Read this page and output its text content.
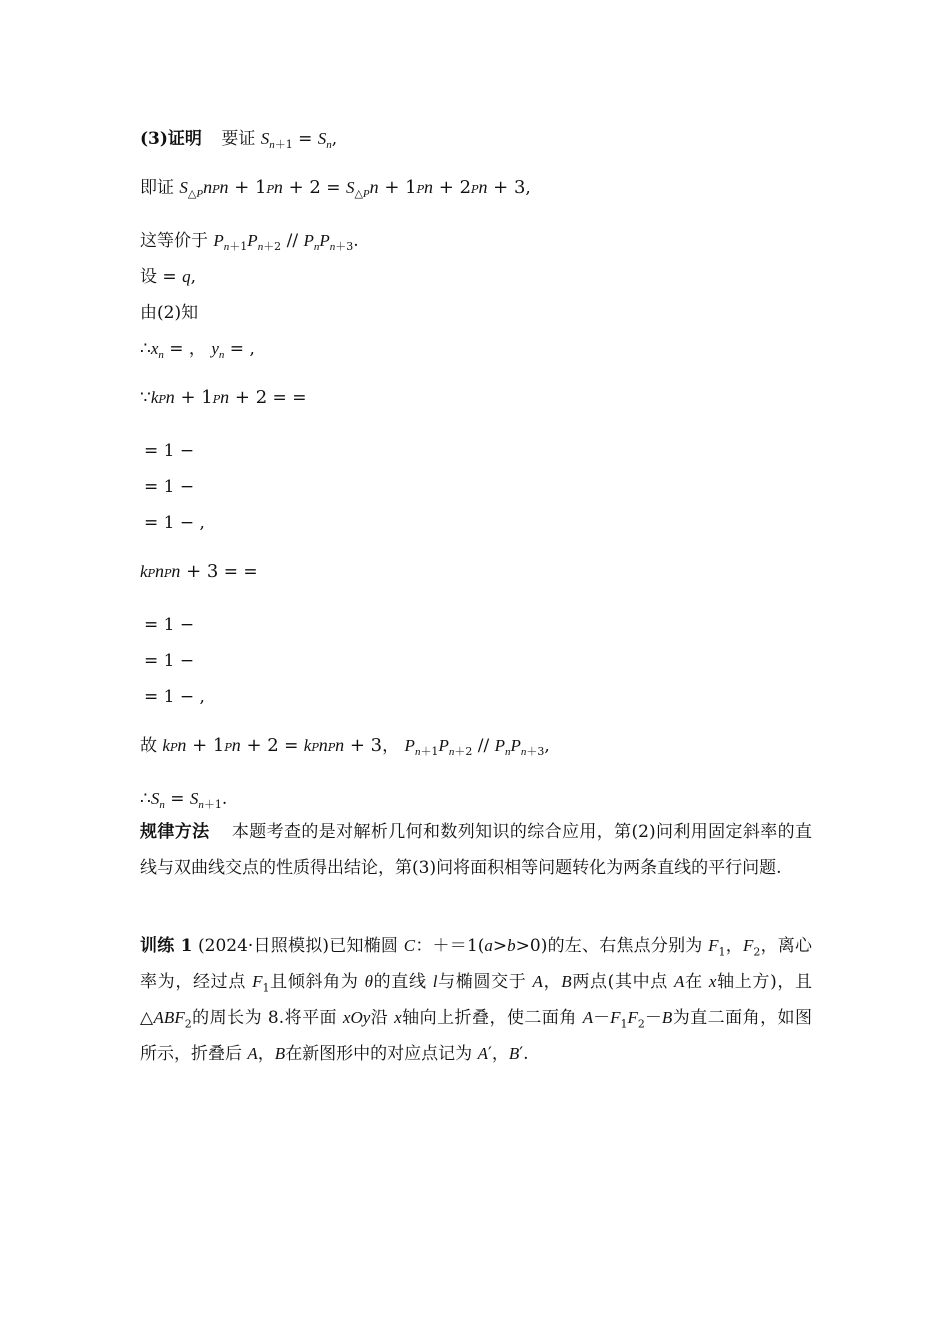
(3)证明 要证 $S_{n+1} = S_n$,
即证 $S_{\triangle P}nPn + 1Pn + 2 = S_{\triangle P}n + 1Pn + 2Pn + 3$,
这等价于 $P_{n+1}P_{n+2} // P_nP_{n+3}$.
设 = q,
由(2)知
$\therefore x_n$ = ， $y_n$ = ,
∵kPn + 1Pn + 2 = =
= 1 −
= 1 −
= 1 − ,
kPnPn + 3 = =
= 1 −
= 1 −
= 1 − ,
故 kPn + 1Pn + 2 = kPnPn + 3， $P_{n+1}P_{n+2} // P_nP_{n+3}$,
$\therefore S_n = S_{n+1}$.
规律方法 本题考查的是对解析几何和数列知识的综合应用，第(2)问利用固定斜率的直线与双曲线交点的性质得出结论，第(3)问将面积相等问题转化为两条直线的平行问题.
训练 1 (2024·日照模拟)已知椭圆 C：＋＝1(a>b>0)的左、右焦点分别为 $F_1$，$F_2$，离心率为，经过点 $F_1$且倾斜角为 θ的直线 l与椭圆交于 A，B两点(其中点 A在 x轴上方)，且$\triangle ABF_2$的周长为 8.将平面 xOy沿 x轴向上折叠，使二面角 $A-F_1F_2-B$为直二面角，如图所示，折叠后 A，B在新图形中的对应点记为 A′，B′.
